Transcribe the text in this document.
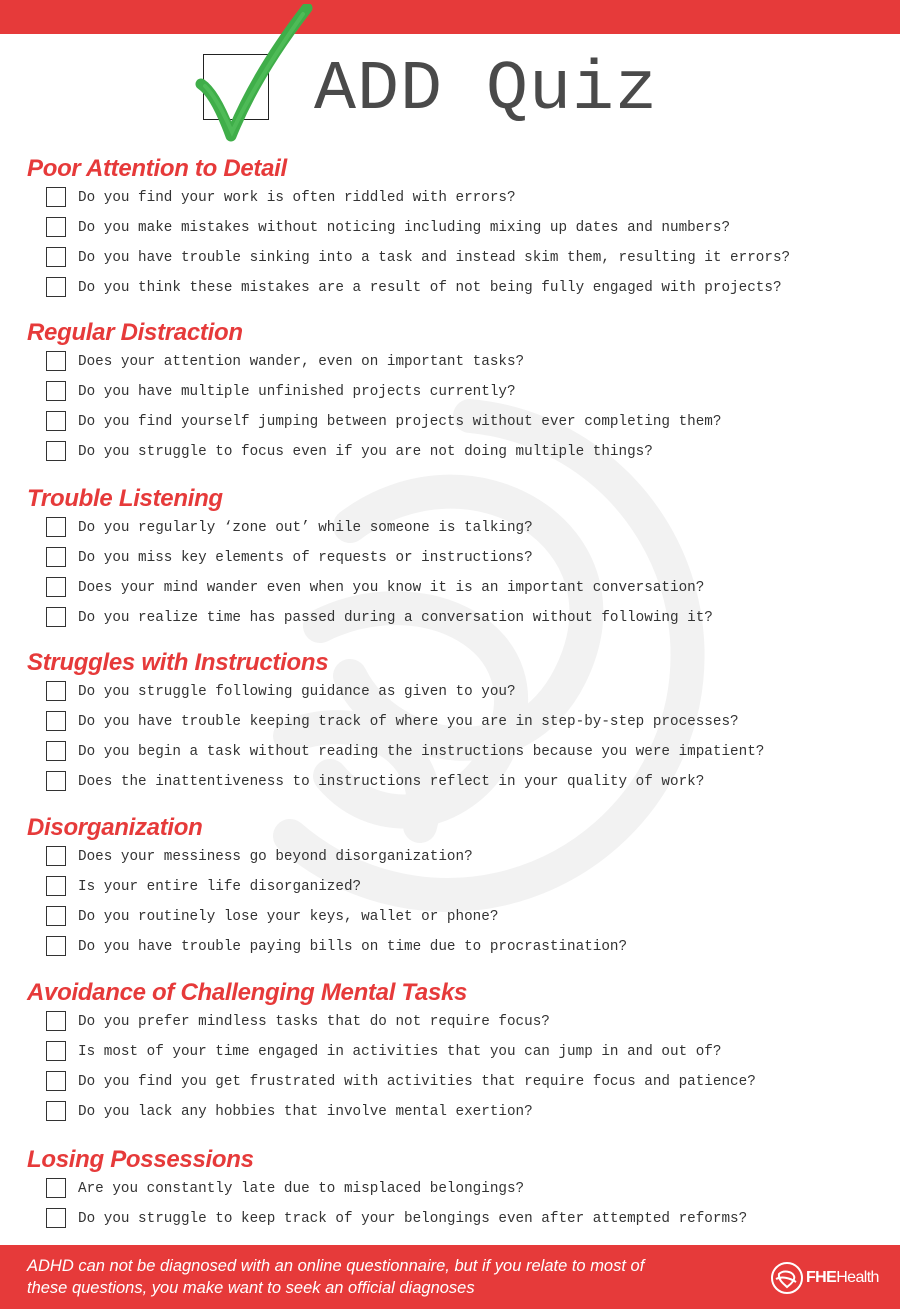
ADD Quiz
Poor Attention to Detail
Do you find your work is often riddled with errors?
Do you make mistakes without noticing including mixing up dates and numbers?
Do you have trouble sinking into a task and instead skim them, resulting it errors?
Do you think these mistakes are a result of not being fully engaged with projects?
Regular Distraction
Does your attention wander, even on important tasks?
Do you have multiple unfinished projects currently?
Do you find yourself jumping between projects without ever completing them?
Do you struggle to focus even if you are not doing multiple things?
Trouble Listening
Do you regularly ‘zone out’ while someone is talking?
Do you miss key elements of requests or instructions?
Does your mind wander even when you know it is an important conversation?
Do you realize time has passed during a conversation without following it?
Struggles with Instructions
Do you struggle following guidance as given to you?
Do you have trouble keeping track of where you are in step-by-step processes?
Do you begin a task without reading the instructions because you were impatient?
Does the inattentiveness to instructions reflect in your quality of work?
Disorganization
Does your messiness go beyond disorganization?
Is your entire life disorganized?
Do you routinely lose your keys, wallet or phone?
Do you have trouble paying bills on time due to procrastination?
Avoidance of Challenging Mental Tasks
Do you prefer mindless tasks that do not require focus?
Is most of your time engaged in activities that you can jump in and out of?
Do you find you get frustrated with activities that require focus and patience?
Do you lack any hobbies that involve mental exertion?
Losing Possessions
Are you constantly late due to misplaced belongings?
Do you struggle to keep track of your belongings even after attempted reforms?
ADHD can not be diagnosed with an online questionnaire, but if you relate to most of
these questions, you make want to seek an official diagnoses
FHEHealth
